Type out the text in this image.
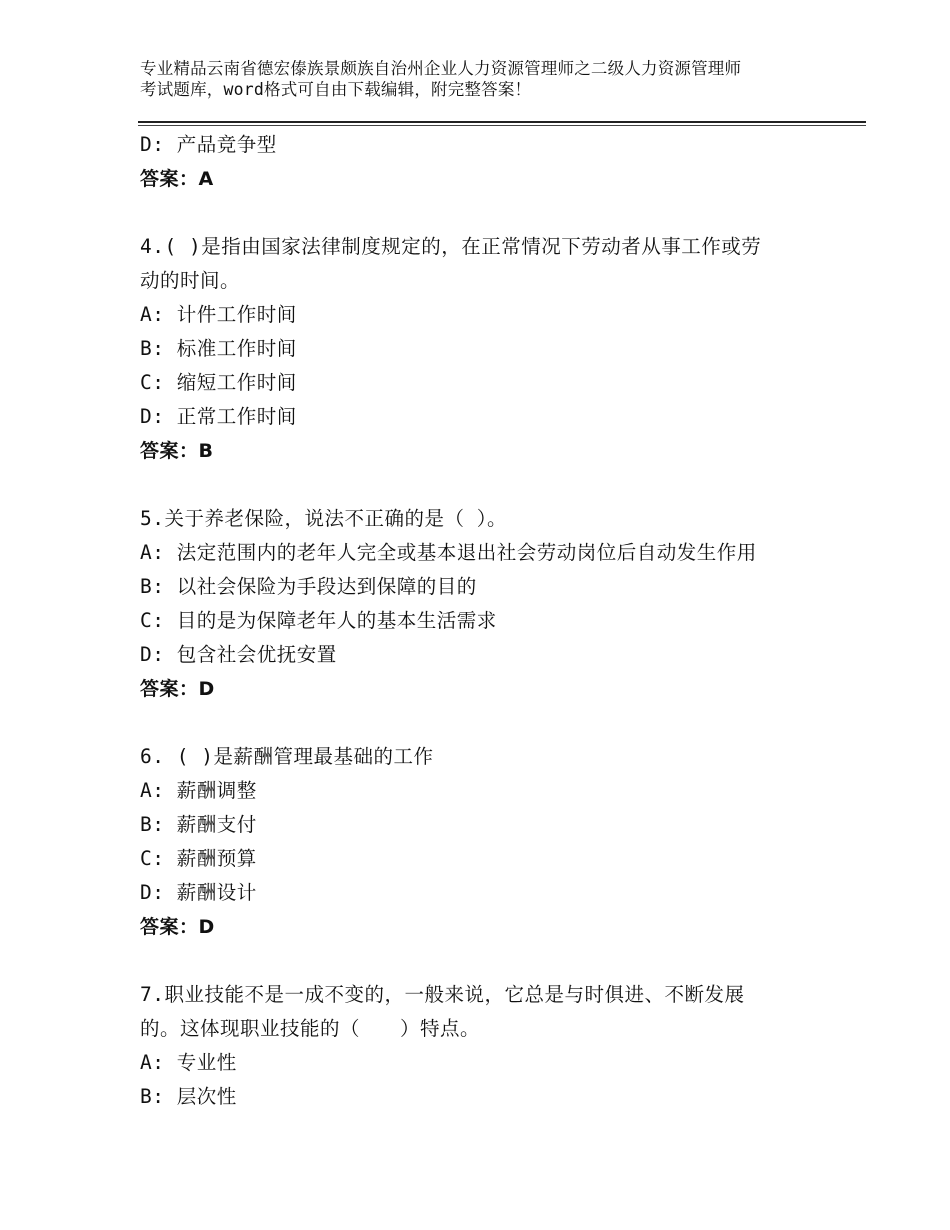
专业精品云南省德宏傣族景颇族自治州企业人力资源管理师之二级人力资源管理师
考试题库，word格式可自由下载编辑，附完整答案！
D: 产品竞争型
答案：A
4.( )是指由国家法律制度规定的，在正常情况下劳动者从事工作或劳
动的时间。
A: 计件工作时间
B: 标准工作时间
C: 缩短工作时间
D: 正常工作时间
答案：B
5.关于养老保险，说法不正确的是（ ）。
A: 法定范围内的老年人完全或基本退出社会劳动岗位后自动发生作用
B: 以社会保险为手段达到保障的目的
C: 目的是为保障老年人的基本生活需求
D: 包含社会优抚安置
答案：D
6. ( )是薪酬管理最基础的工作
A: 薪酬调整
B: 薪酬支付
C: 薪酬预算
D: 薪酬设计
答案：D
7.职业技能不是一成不变的，一般来说，它总是与时俱进、不断发展
的。这体现职业技能的（　　）特点。
A: 专业性
B: 层次性
